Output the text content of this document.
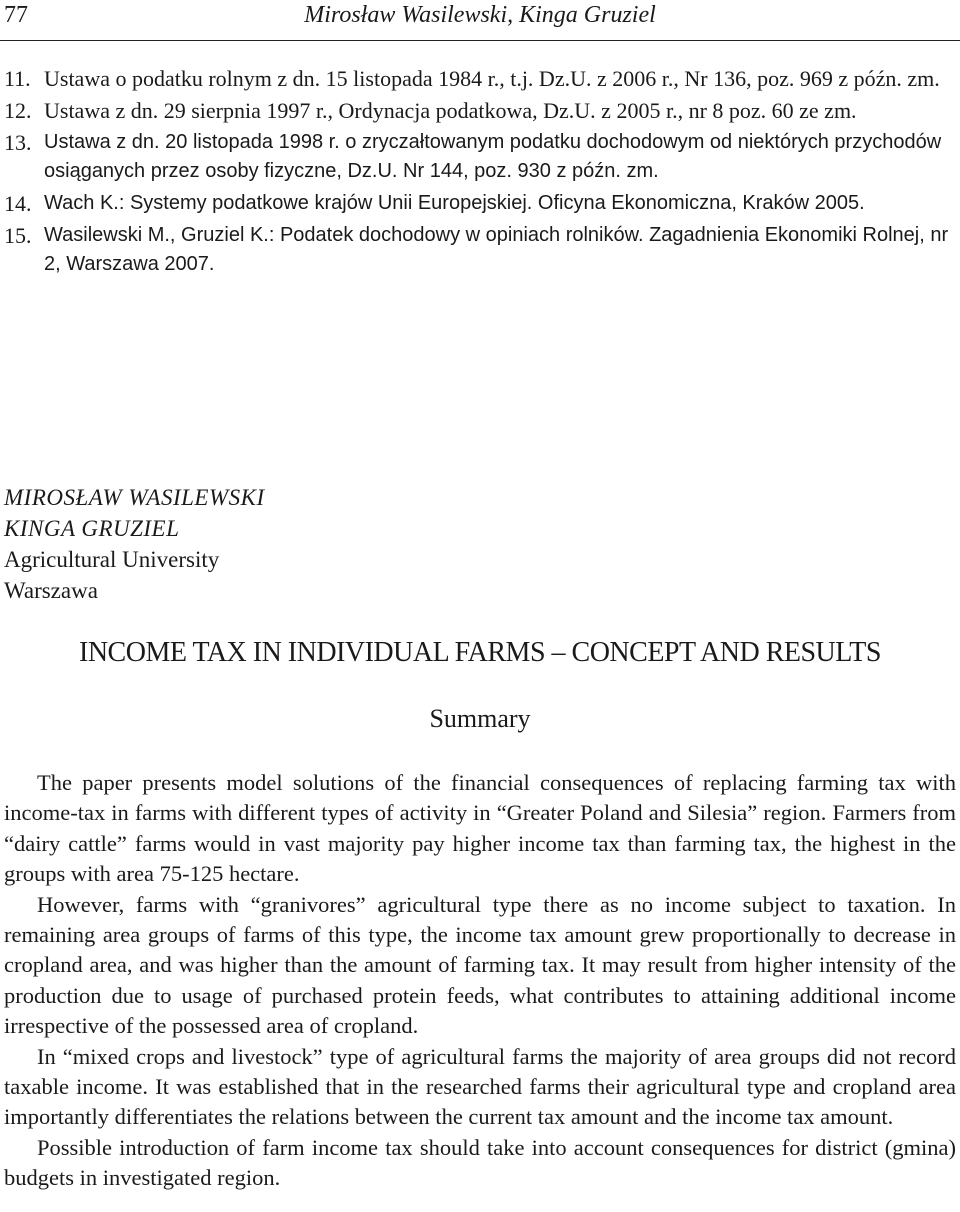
77	Mirosław Wasilewski, Kinga Gruziel
11. Ustawa o podatku rolnym z dn. 15 listopada 1984 r., t.j. Dz.U. z 2006 r., Nr 136, poz. 969 z późn. zm.
12. Ustawa z dn. 29 sierpnia 1997 r., Ordynacja podatkowa, Dz.U. z 2005 r., nr 8 poz. 60 ze zm.
13. Ustawa z dn. 20 listopada 1998 r. o zryczałtowanym podatku dochodowym od niektórych przychodów osiąganych przez osoby fizyczne, Dz.U. Nr 144, poz. 930 z późn. zm.
14. Wach K.: Systemy podatkowe krajów Unii Europejskiej. Oficyna Ekonomiczna, Kraków 2005.
15. Wasilewski M., Gruziel K.: Podatek dochodowy w opiniach rolników. Zagadnienia Ekonomiki Rolnej, nr 2, Warszawa 2007.
MIROSŁAW WASILEWSKI
KINGA GRUZIEL
Agricultural University
Warszawa
INCOME TAX IN INDIVIDUAL FARMS – CONCEPT AND RESULTS
Summary

The paper presents model solutions of the financial consequences of replacing farming tax with income-tax in farms with different types of activity in “Greater Poland and Silesia” region. Farmers from “dairy cattle” farms would in vast majority pay higher income tax than farming tax, the highest in the groups with area 75-125 hectare.

However, farms with “granivores” agricultural type there as no income subject to taxation. In remaining area groups of farms of this type, the income tax amount grew proportionally to decrease in cropland area, and was higher than the amount of farming tax. It may result from higher intensity of the production due to usage of purchased protein feeds, what contributes to attaining additional income irrespective of the possessed area of cropland.

In “mixed crops and livestock” type of agricultural farms the majority of area groups did not record taxable income. It was established that in the researched farms their agricultural type and cropland area importantly differentiates the relations between the current tax amount and the income tax amount.

Possible introduction of farm income tax should take into account consequences for district (gmina) budgets in investigated region.
